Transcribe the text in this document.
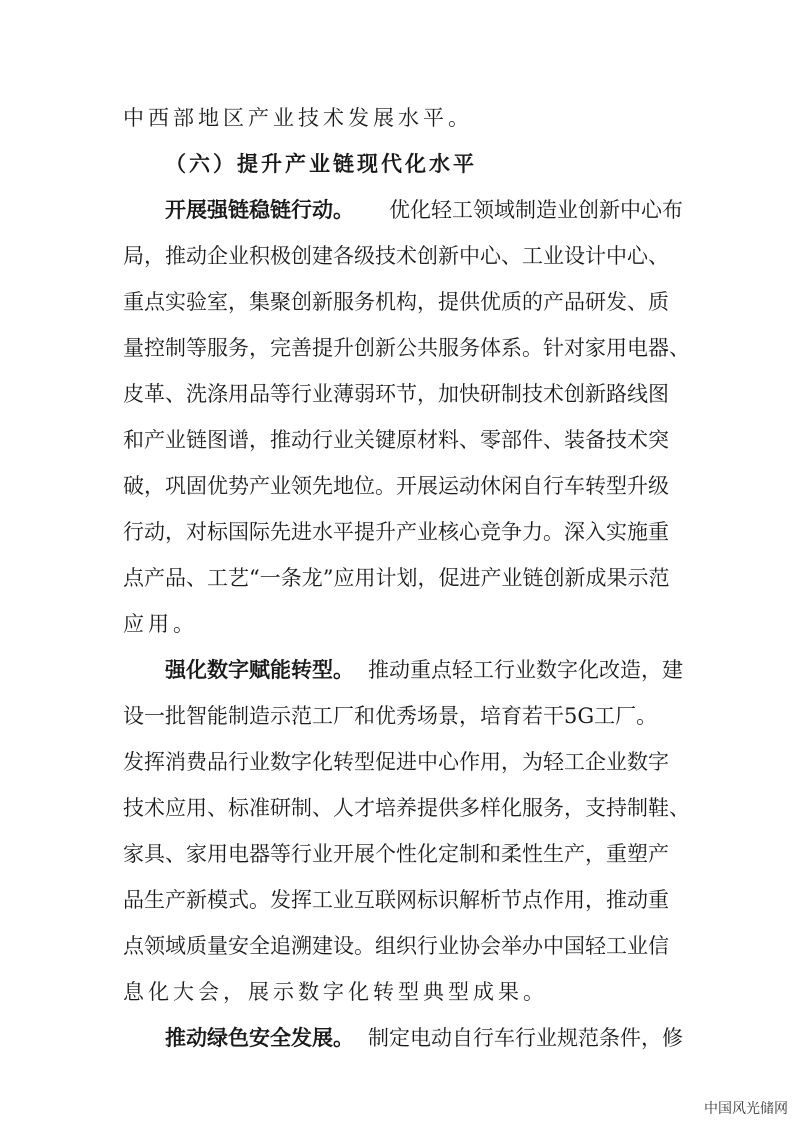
中西部地区产业技术发展水平。
（六）提升产业链现代化水平
开展强链稳链行动。 优化轻工领域制造业创新中心布
局，推动企业积极创建各级技术创新中心、工业设计中心、
重点实验室，集聚创新服务机构，提供优质的产品研发、质
量控制等服务，完善提升创新公共服务体系。针对家用电器、
皮革、洗涤用品等行业薄弱环节，加快研制技术创新路线图
和产业链图谱，推动行业关键原材料、零部件、装备技术突
破，巩固优势产业领先地位。开展运动休闲自行车转型升级
行动，对标国际先进水平提升产业核心竞争力。深入实施重
点产品、工艺“一条龙”应用计划，促进产业链创新成果示范
应用。
强化数字赋能转型。 推动重点轻工行业数字化改造，建
设一批智能制造示范工厂和优秀场景，培育若干5G工厂。
发挥消费品行业数字化转型促进中心作用，为轻工企业数字
技术应用、标准研制、人才培养提供多样化服务，支持制鞋、
家具、家用电器等行业开展个性化定制和柔性生产，重塑产
品生产新模式。发挥工业互联网标识解析节点作用，推动重
点领域质量安全追溯建设。组织行业协会举办中国轻工业信
息化大会，展示数字化转型典型成果。
推动绿色安全发展。 制定电动自行车行业规范条件，修
中国风光储网
